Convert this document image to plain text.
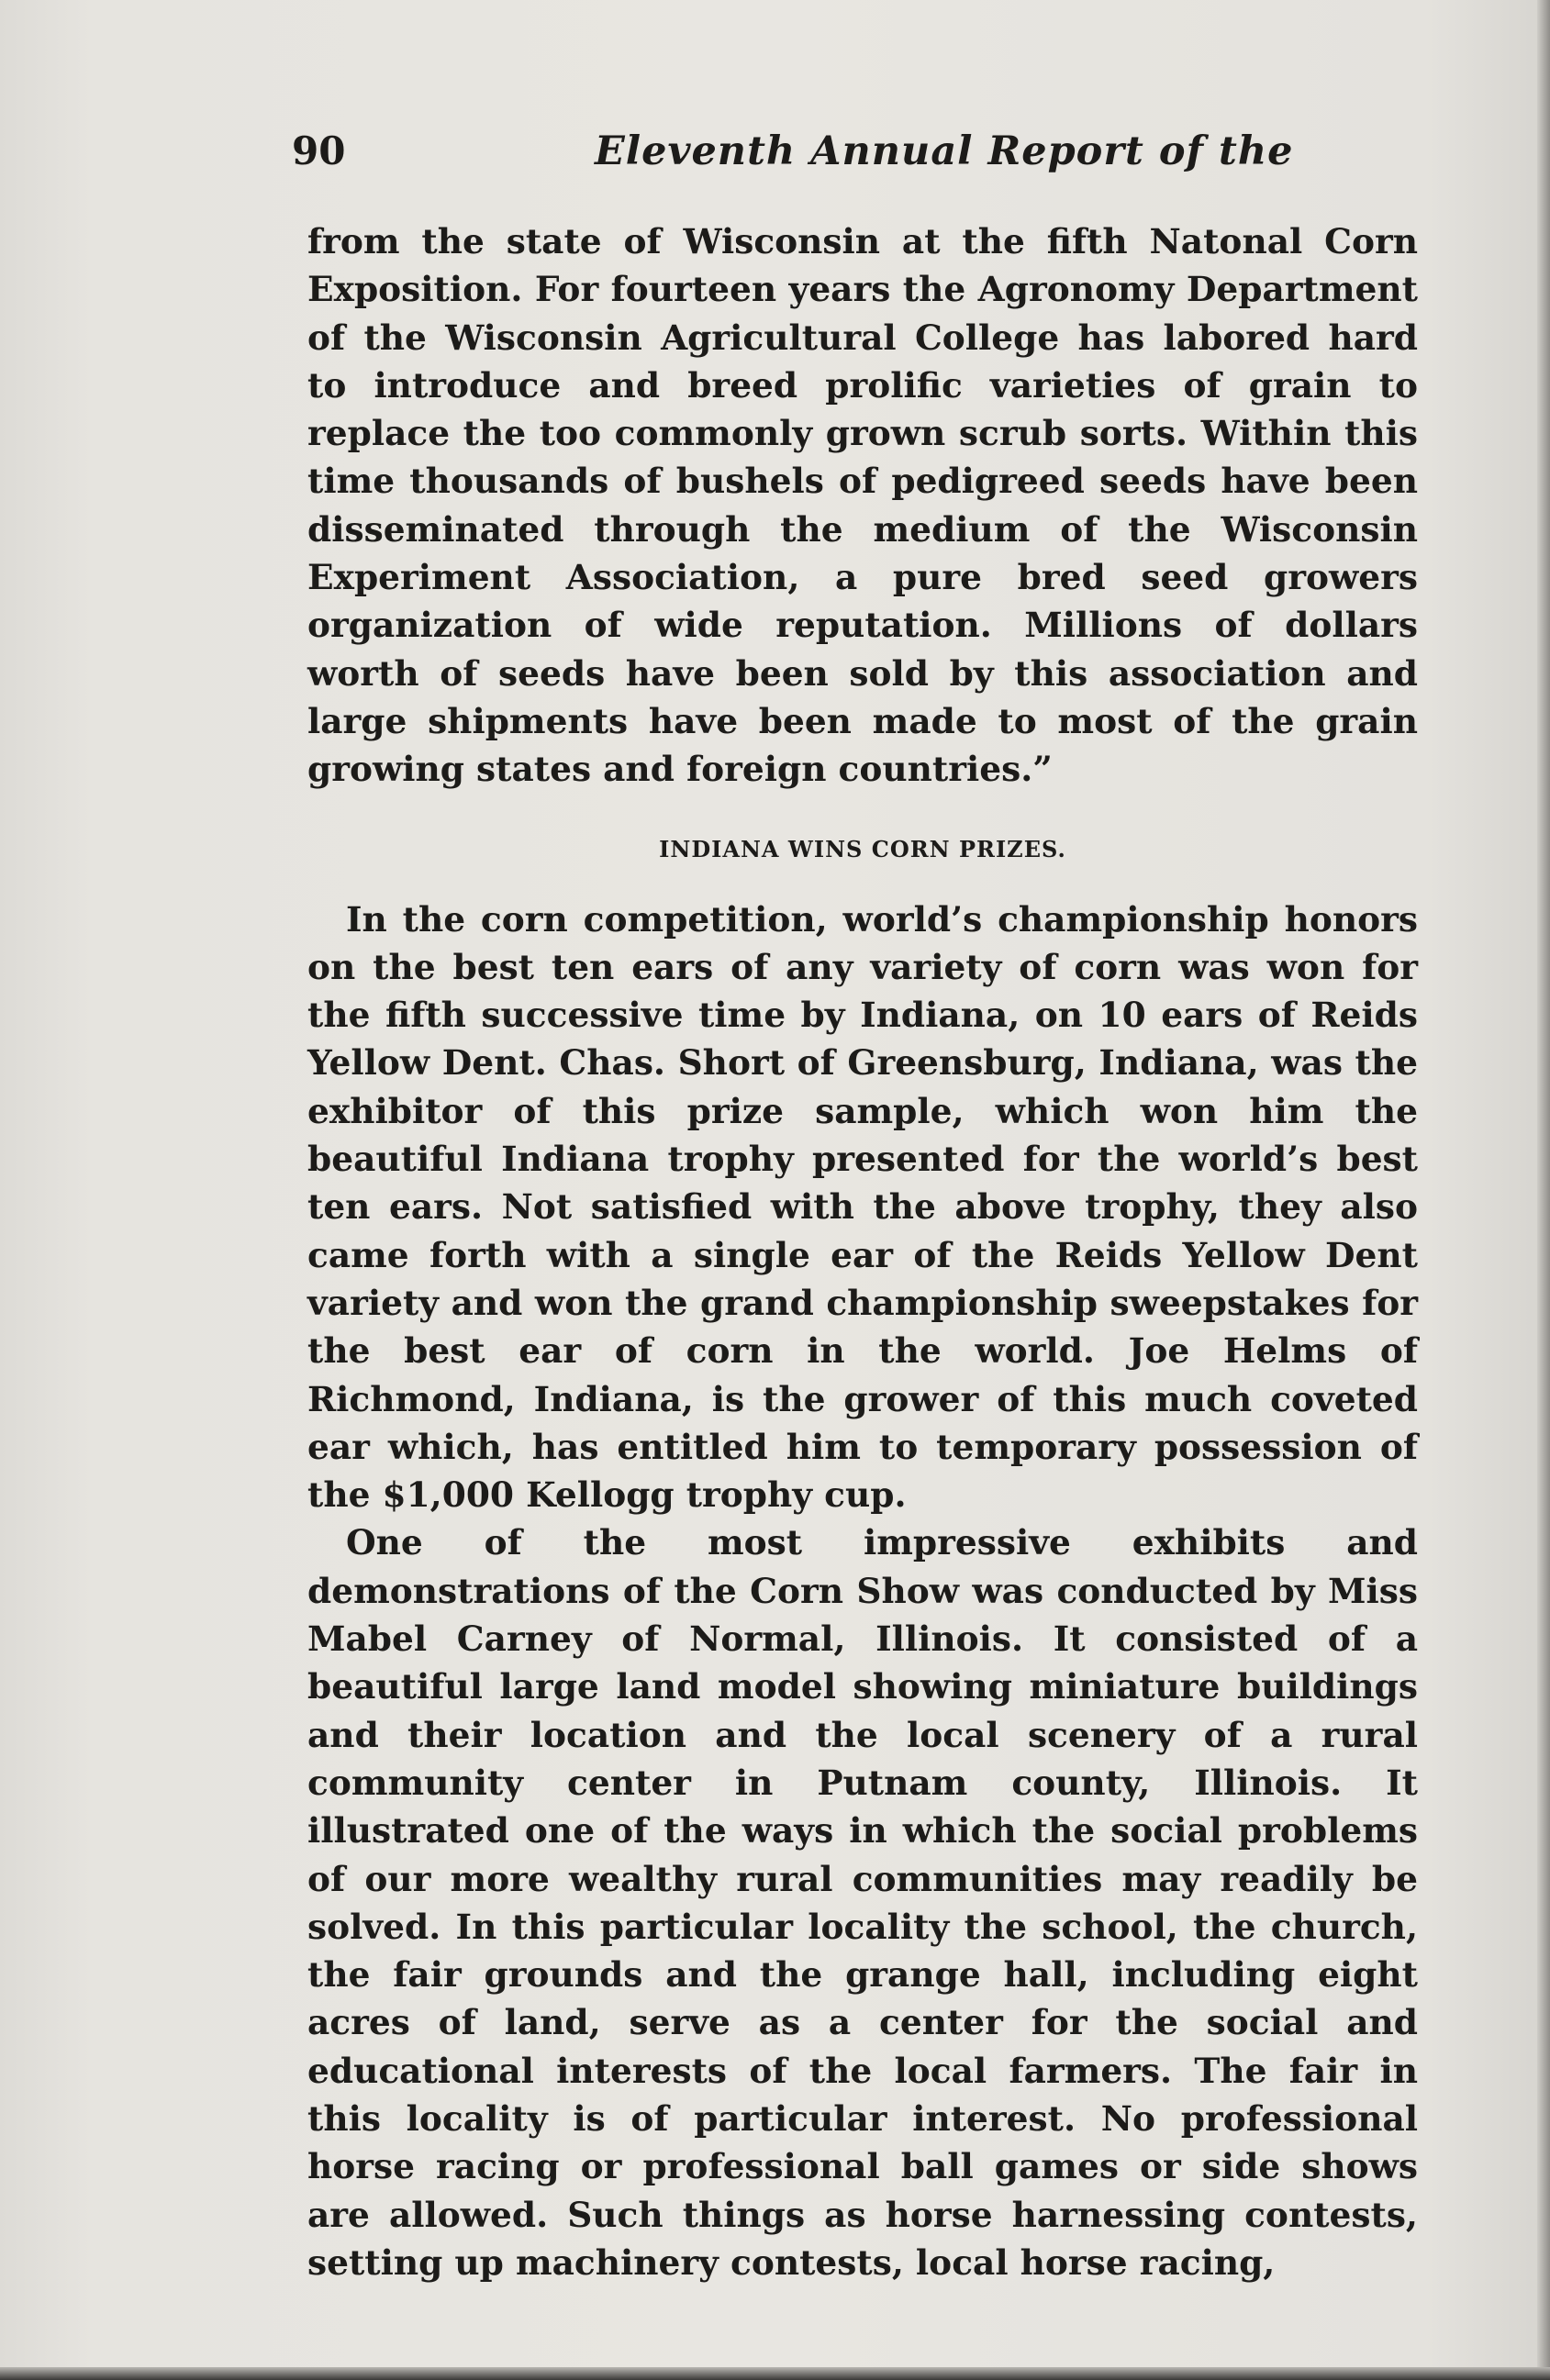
90	Eleventh Annual Report of the

from the state of Wisconsin at the fifth Natonal Corn Exposition. For fourteen years the Agronomy Department of the Wisconsin Agricultural College has labored hard to introduce and breed prolific varieties of grain to replace the too commonly grown scrub sorts. Within this time thousands of bushels of pedigreed seeds have been disseminated through the medium of the Wisconsin Experiment Association, a pure bred seed growers organization of wide reputation. Millions of dollars worth of seeds have been sold by this association and large shipments have been made to most of the grain growing states and foreign countries.”

INDIANA WINS CORN PRIZES.

In the corn competition, world’s championship honors on the best ten ears of any variety of corn was won for the fifth successive time by Indiana, on 10 ears of Reids Yellow Dent. Chas. Short of Greensburg, Indiana, was the exhibitor of this prize sample, which won him the beautiful Indiana trophy presented for the world’s best ten ears. Not satisfied with the above trophy, they also came forth with a single ear of the Reids Yellow Dent variety and won the grand championship sweepstakes for the best ear of corn in the world. Joe Helms of Richmond, Indiana, is the grower of this much coveted ear which, has entitled him to temporary possession of the $1,000 Kellogg trophy cup.

One of the most impressive exhibits and demonstrations of the Corn Show was conducted by Miss Mabel Carney of Normal, Illinois. It consisted of a beautiful large land model showing miniature buildings and their location and the local scenery of a rural community center in Putnam county, Illinois. It illustrated one of the ways in which the social problems of our more wealthy rural communities may readily be solved. In this particular locality the school, the church, the fair grounds and the grange hall, including eight acres of land, serve as a center for the social and educational interests of the local farmers. The fair in this locality is of particular interest. No professional horse racing or professional ball games or side shows are allowed. Such things as horse harnessing contests, setting up machinery contests, local horse racing,
